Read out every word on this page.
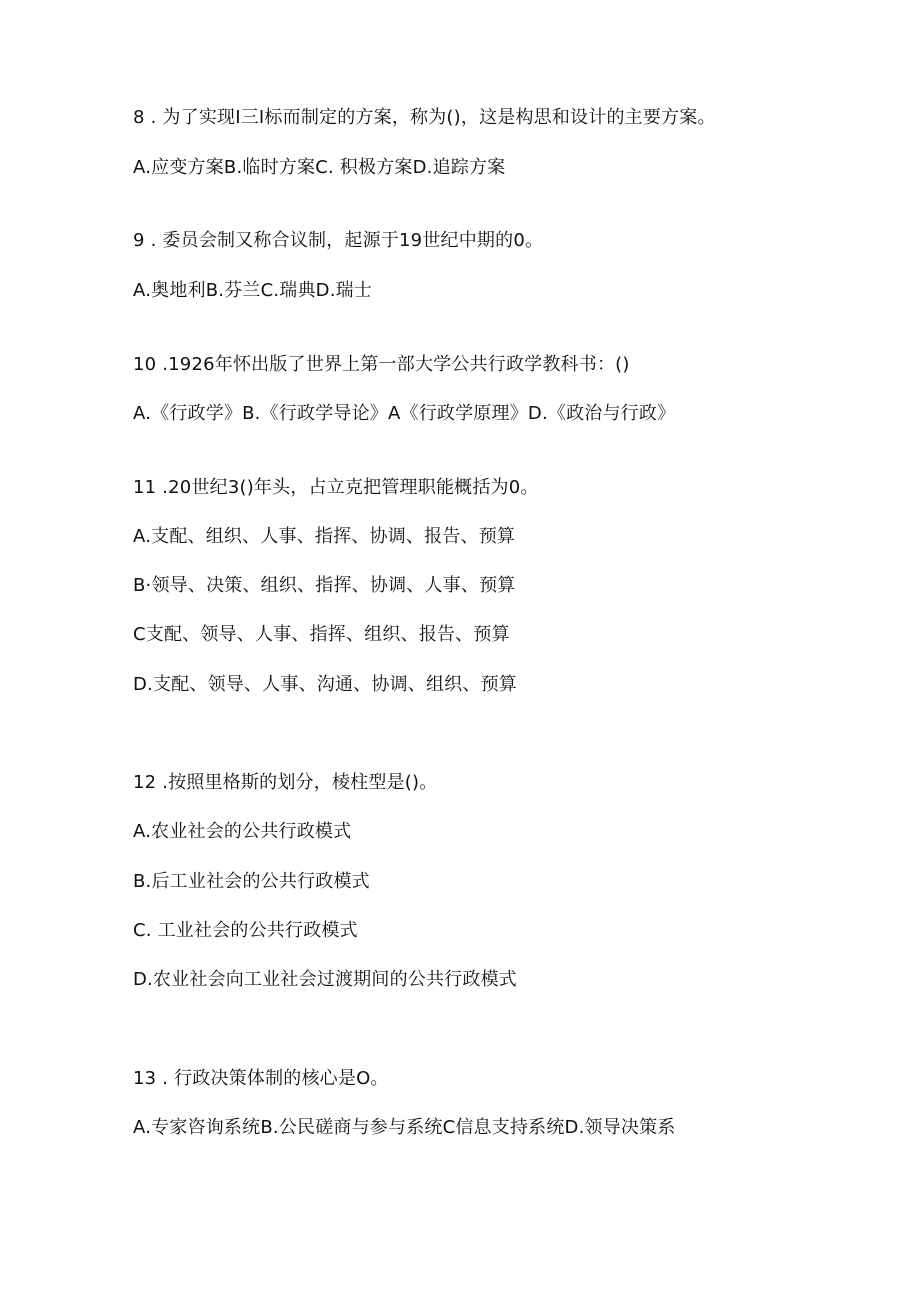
8 . 为了实现Ι三Ι标而制定的方案，称为()，这是构思和设计的主要方案。
A.应变方案B.临时方案C. 积极方案D.追踪方案
9 . 委员会制又称合议制，起源于19世纪中期的0。
A.奥地利B.芬兰C.瑞典D.瑞士
10 .1926年怀出版了世界上第一部大学公共行政学教科书：()
A.《行政学》B.《行政学导论》A《行政学原理》D.《政治与行政》
11 .20世纪3()年头，占立克把管理职能概括为0。
A.支配、组织、人事、指挥、协调、报告、预算
B·领导、决策、组织、指挥、协调、人事、预算
C支配、领导、人事、指挥、组织、报告、预算
D.支配、领导、人事、沟通、协调、组织、预算
12 .按照里格斯的划分，棱柱型是()。
A.农业社会的公共行政模式
B.后工业社会的公共行政模式
C. 工业社会的公共行政模式
D.农业社会向工业社会过渡期间的公共行政模式
13 . 行政决策体制的核心是O。
A.专家咨询系统B.公民磋商与参与系统C信息支持系统D.领导决策系
